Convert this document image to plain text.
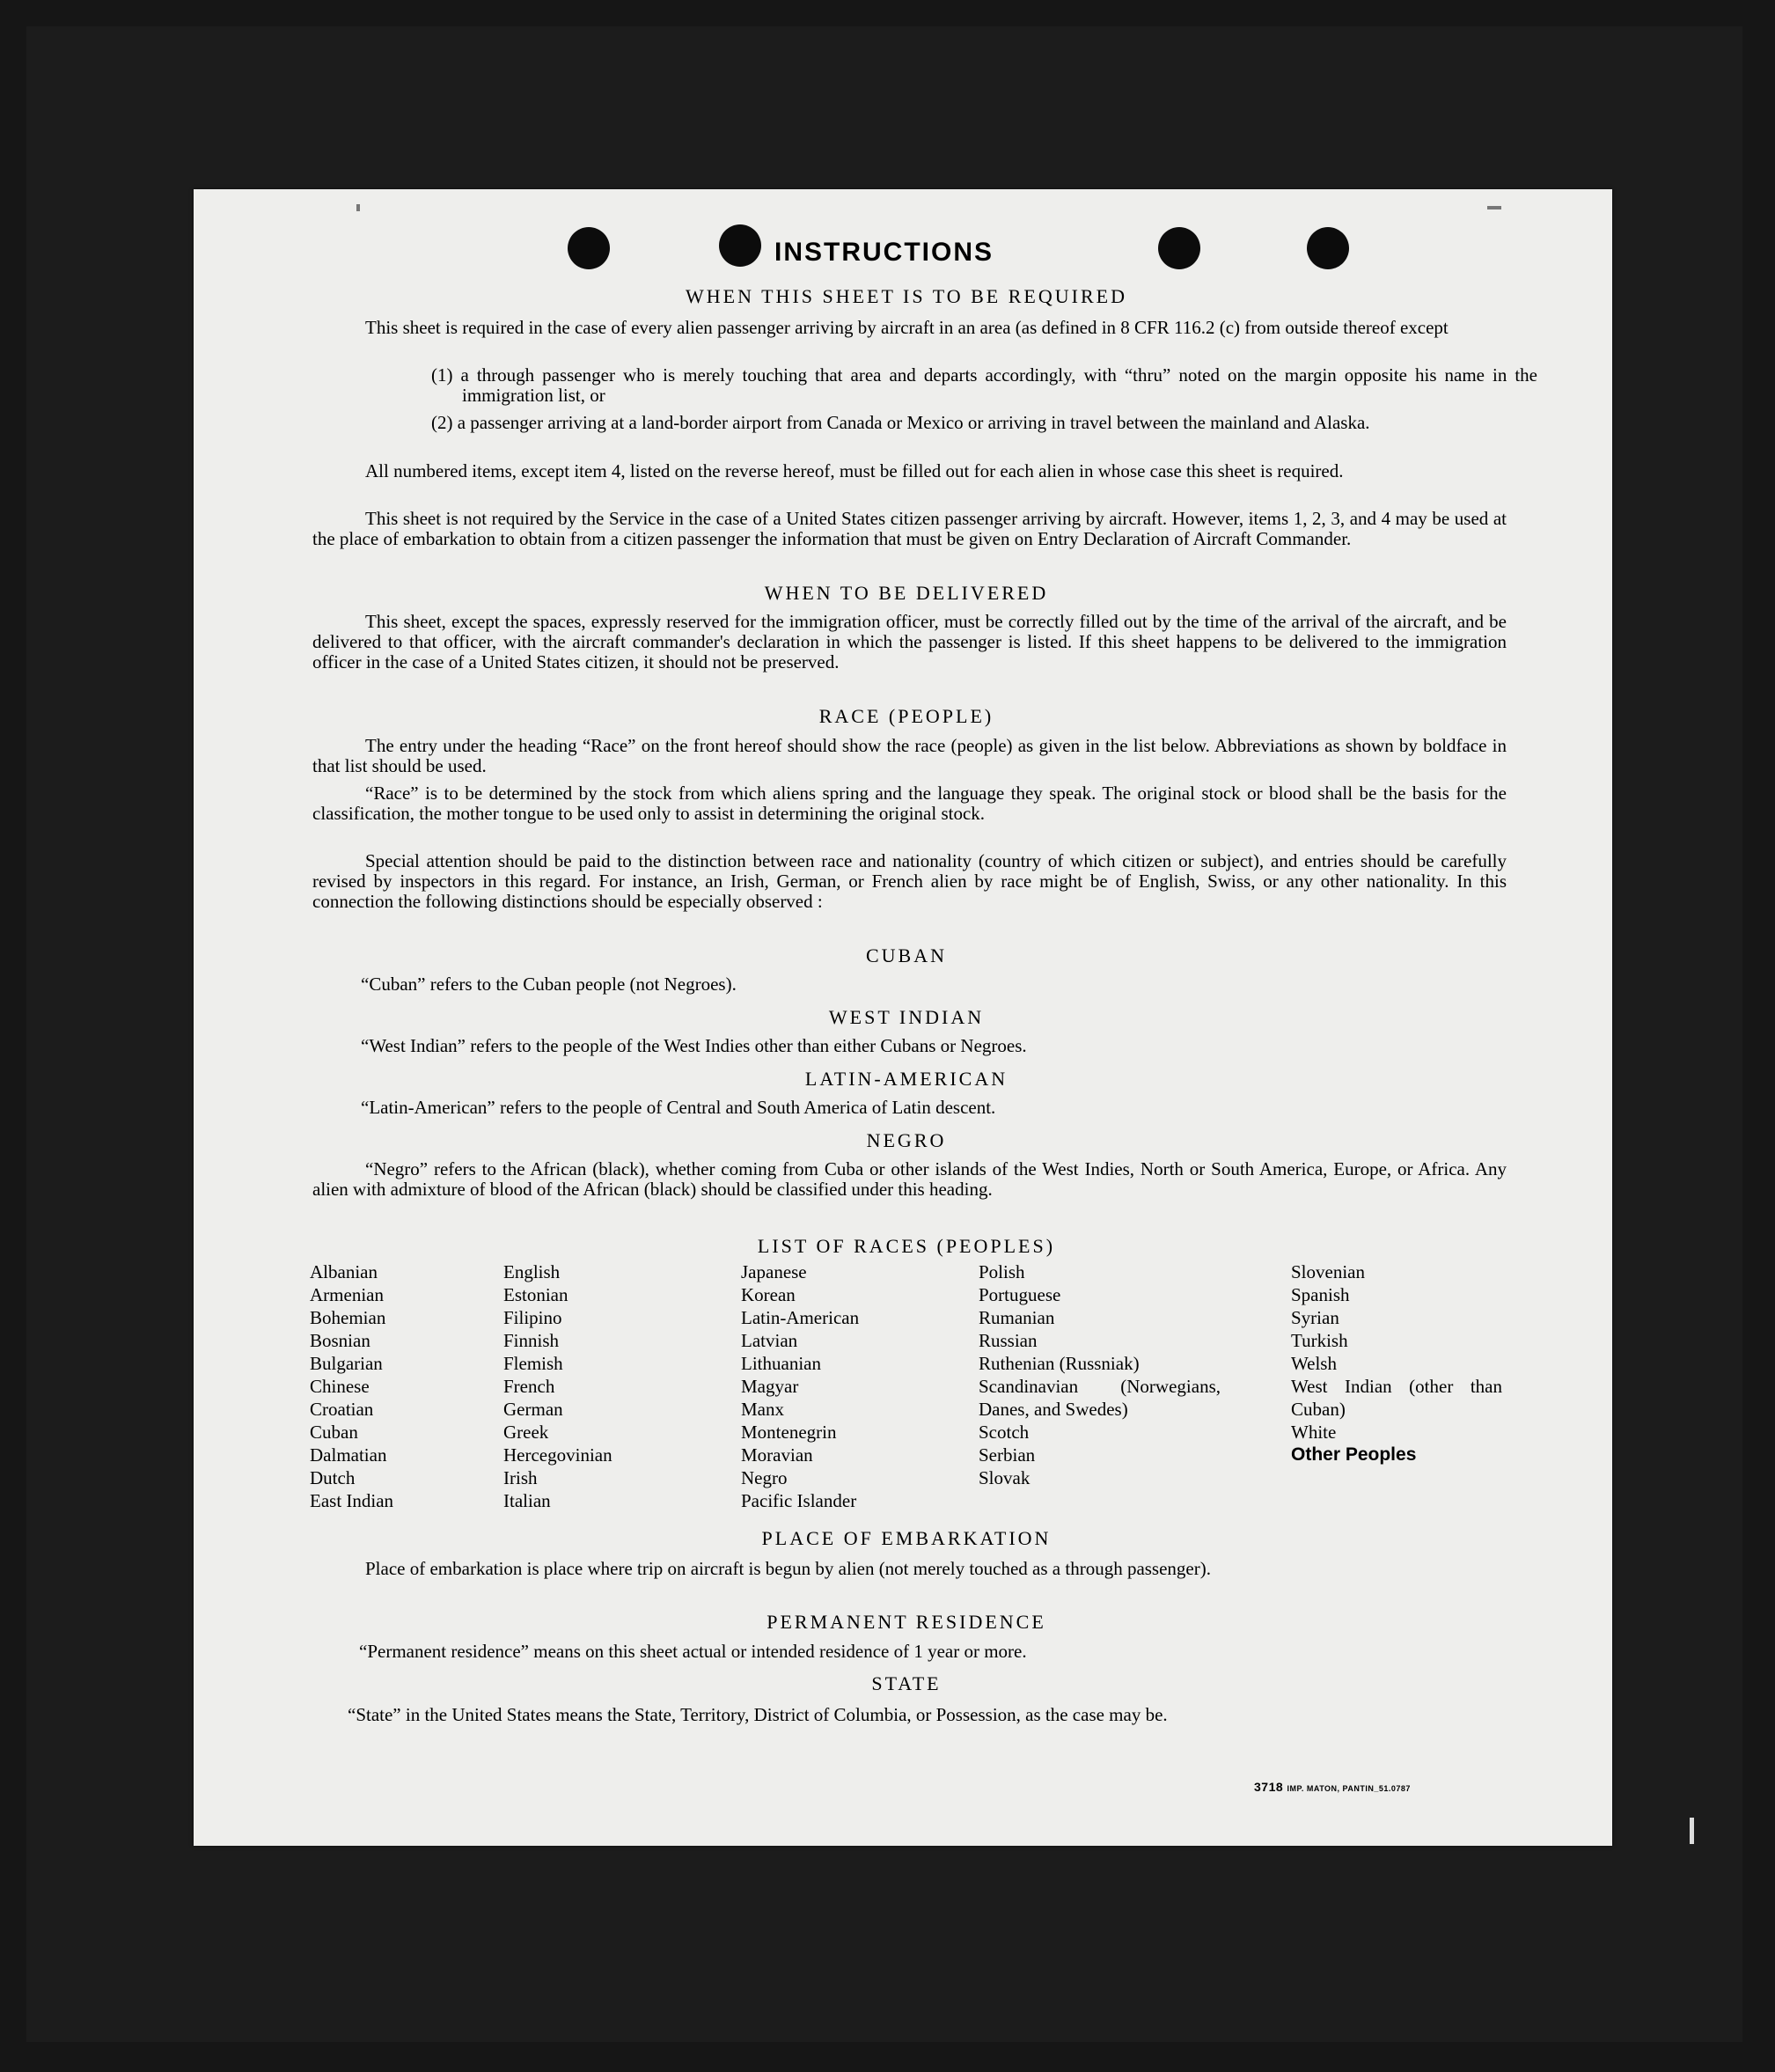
INSTRUCTIONS
WHEN THIS SHEET IS TO BE REQUIRED
This sheet is required in the case of every alien passenger arriving by aircraft in an area (as defined in 8 CFR 116.2 (c) from outside thereof except
(1) a through passenger who is merely touching that area and departs accordingly, with “thru” noted on the margin opposite his name in the immigration list, or
(2) a passenger arriving at a land-border airport from Canada or Mexico or arriving in travel between the mainland and Alaska.
All numbered items, except item 4, listed on the reverse hereof, must be filled out for each alien in whose case this sheet is required.
This sheet is not required by the Service in the case of a United States citizen passenger arriving by aircraft. However, items 1, 2, 3, and 4 may be used at the place of embarkation to obtain from a citizen passenger the information that must be given on Entry Declaration of Aircraft Commander.
WHEN TO BE DELIVERED
This sheet, except the spaces, expressly reserved for the immigration officer, must be correctly filled out by the time of the arrival of the aircraft, and be delivered to that officer, with the aircraft commander's declaration in which the passenger is listed. If this sheet happens to be delivered to the immigration officer in the case of a United States citizen, it should not be preserved.
RACE (PEOPLE)
The entry under the heading “Race” on the front hereof should show the race (people) as given in the list below. Abbreviations as shown by boldface in that list should be used.
“Race” is to be determined by the stock from which aliens spring and the language they speak. The original stock or blood shall be the basis for the classification, the mother tongue to be used only to assist in determining the original stock.
Special attention should be paid to the distinction between race and nationality (country of which citizen or subject), and entries should be carefully revised by inspectors in this regard. For instance, an Irish, German, or French alien by race might be of English, Swiss, or any other nationality. In this connection the following distinctions should be especially observed :
CUBAN
“Cuban” refers to the Cuban people (not Negroes).
WEST INDIAN
“West Indian” refers to the people of the West Indies other than either Cubans or Negroes.
LATIN-AMERICAN
“Latin-American” refers to the people of Central and South America of Latin descent.
NEGRO
“Negro” refers to the African (black), whether coming from Cuba or other islands of the West Indies, North or South America, Europe, or Africa. Any alien with admixture of blood of the African (black) should be classified under this heading.
LIST OF RACES (PEOPLES)
Albanian
Armenian
Bohemian
Bosnian
Bulgarian
Chinese
Croatian
Cuban
Dalmatian
Dutch
East Indian
English
Estonian
Filipino
Finnish
Flemish
French
German
Greek
Hercegovinian
Irish
Italian
Japanese
Korean
Latin-American
Latvian
Lithuanian
Magyar
Manx
Montenegrin
Moravian
Negro
Pacific Islander
Polish
Portuguese
Rumanian
Russian
Ruthenian (Russniak)
Scandinavian (Norwegians, Danes, and Swedes)
Scotch
Serbian
Slovak
Slovenian
Spanish
Syrian
Turkish
Welsh
West Indian (other than Cuban)
White
Other Peoples
PLACE OF EMBARKATION
Place of embarkation is place where trip on aircraft is begun by alien (not merely touched as a through passenger).
PERMANENT RESIDENCE
“Permanent residence” means on this sheet actual or intended residence of 1 year or more.
STATE
“State” in the United States means the State, Territory, District of Columbia, or Possession, as the case may be.
3718 IMP. MATON, PANTIN_51.0787
